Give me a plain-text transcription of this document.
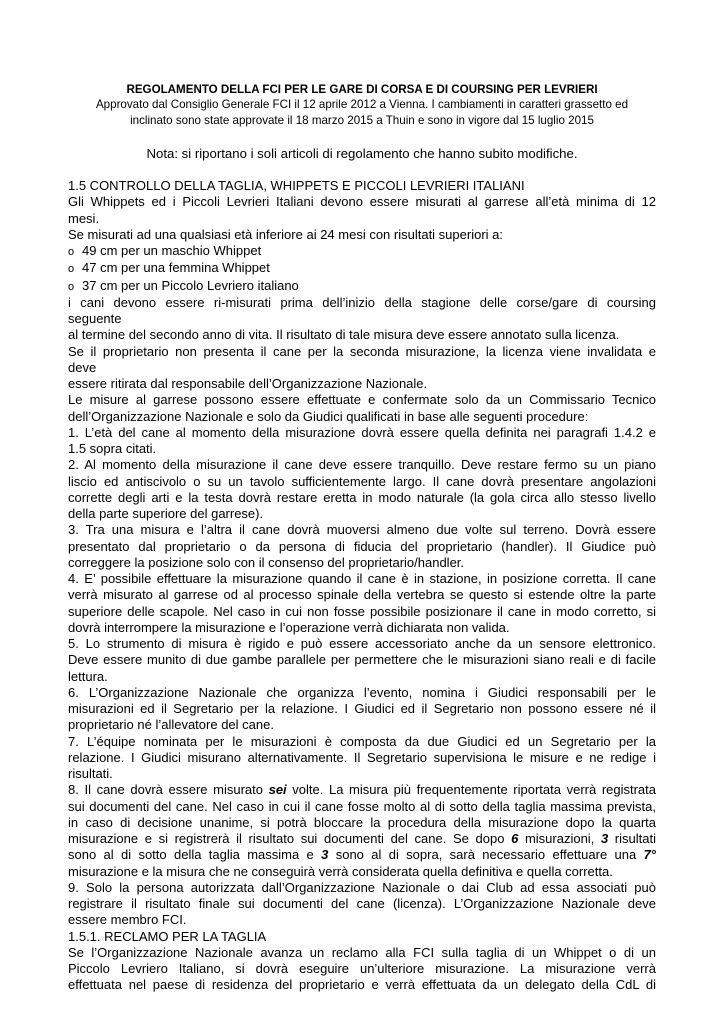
REGOLAMENTO DELLA FCI PER LE GARE DI CORSA E DI COURSING PER LEVRIERI
Approvato dal Consiglio Generale FCI il 12 aprile 2012 a Vienna. I cambiamenti in caratteri grassetto ed
inclinato sono state approvate il 18 marzo 2015 a Thuin e sono in vigore dal 15 luglio 2015
Nota: si riportano i soli articoli di regolamento che hanno subito modifiche.

1.5 CONTROLLO DELLA TAGLIA, WHIPPETS E PICCOLI LEVRIERI ITALIANI

Gli Whippets ed i Piccoli Levrieri Italiani devono essere misurati al garrese all’età minima di 12

mesi.

Se misurati ad una qualsiasi età inferiore ai 24 mesi con risultati superiori a:

o 49 cm per un maschio Whippet
o 47 cm per una femmina Whippet
o 37 cm per un Piccolo Levriero italiano

i cani devono essere ri-misurati prima dell’inizio della stagione delle corse/gare di coursing

seguente

al termine del secondo anno di vita. Il risultato di tale misura deve essere annotato sulla licenza.

Se il proprietario non presenta il cane per la seconda misurazione, la licenza viene invalidata e

deve

essere ritirata dal responsabile dell’Organizzazione Nazionale.

Le misure al garrese possono essere effettuate e confermate solo da un Commissario Tecnico

dell’Organizzazione Nazionale e solo da Giudici qualificati in base alle seguenti procedure:

1. L’età del cane al momento della misurazione dovrà essere quella definita nei paragrafi 1.4.2 e

1.5 sopra citati.

2. Al momento della misurazione il cane deve essere tranquillo. Deve restare fermo su un piano

liscio ed antiscivolo o su un tavolo sufficientemente largo. Il cane dovrà presentare angolazioni

corrette degli arti e la testa dovrà restare eretta in modo naturale (la gola circa allo stesso livello

della parte superiore del garrese).

3. Tra una misura e l’altra il cane dovrà muoversi almeno due volte sul terreno. Dovrà essere

presentato dal proprietario o da persona di fiducia del proprietario (handler). Il Giudice può

correggere la posizione solo con il consenso del proprietario/handler.

4. E’ possibile effettuare la misurazione quando il cane è in stazione, in posizione corretta. Il cane

verrà misurato al garrese od al processo spinale della vertebra se questo si estende oltre la parte

superiore delle scapole. Nel caso in cui non fosse possibile posizionare il cane in modo corretto, si

dovrà interrompere la misurazione e l’operazione verrà dichiarata non valida.

5. Lo strumento di misura è rigido e può essere accessoriato anche da un sensore elettronico.

Deve essere munito di due gambe parallele per permettere che le misurazioni siano reali e di facile

lettura.

6. L’Organizzazione Nazionale che organizza l’evento, nomina i Giudici responsabili per le

misurazioni ed il Segretario per la relazione. I Giudici ed il Segretario non possono essere né il

proprietario né l’allevatore del cane.

7. L’équipe nominata per le misurazioni è composta da due Giudici ed un Segretario per la

relazione. I Giudici misurano alternativamente. Il Segretario supervisiona le misure e ne redige i

risultati.

8. Il cane dovrà essere misurato sei volte. La misura più frequentemente riportata verrà registrata

sui documenti del cane. Nel caso in cui il cane fosse molto al di sotto della taglia massima prevista,

in caso di decisione unanime, si potrà bloccare la procedura della misurazione dopo la quarta

misurazione e si registrerà il risultato sui documenti del cane. Se dopo 6 misurazioni, 3 risultati

sono al di sotto della taglia massima e 3 sono al di sopra, sarà necessario effettuare una 7°

misurazione e la misura che ne conseguirà verrà considerata quella definitiva e quella corretta.

9. Solo la persona autorizzata dall’Organizzazione Nazionale o dai Club ad essa associati può

registrare il risultato finale sui documenti del cane (licenza). L’Organizzazione Nazionale deve

essere membro FCI.

1.5.1. RECLAMO PER LA TAGLIA

Se l’Organizzazione Nazionale avanza un reclamo alla FCI sulla taglia di un Whippet o di un

Piccolo Levriero Italiano, si dovrà eseguire un’ulteriore misurazione. La misurazione verrà

effettuata nel paese di residenza del proprietario e verrà effettuata da un delegato della CdL di
